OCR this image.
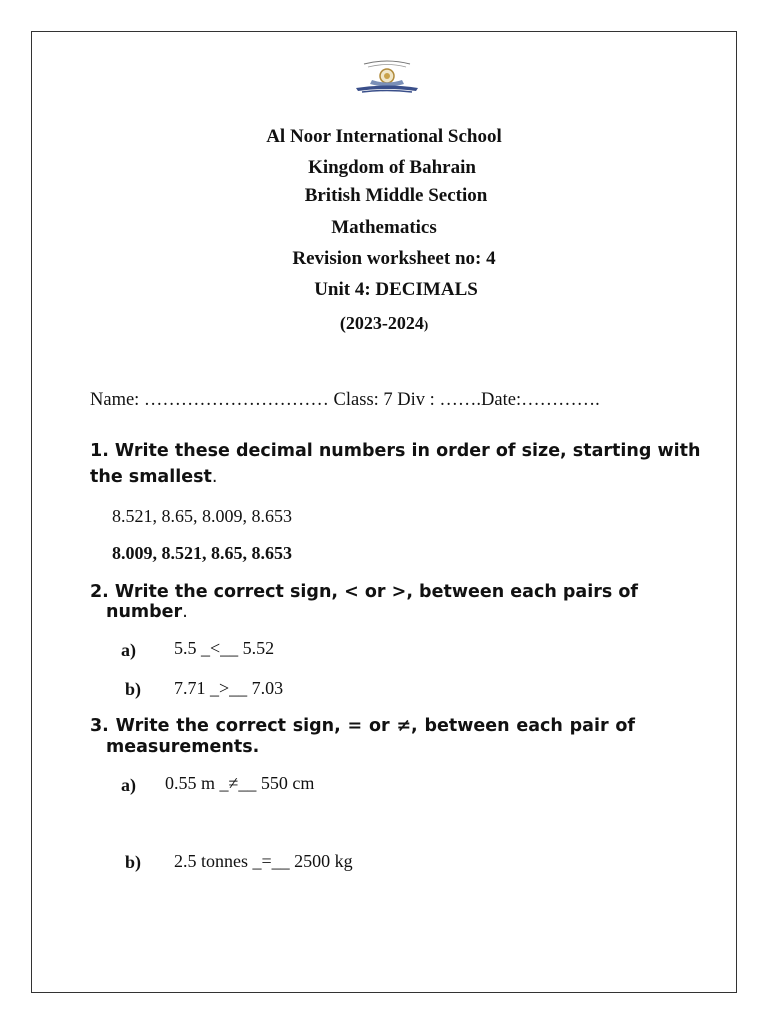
Al Noor International School
Kingdom of Bahrain
British Middle Section
Mathematics
Revision worksheet no: 4
Unit 4: DECIMALS
(2023-2024)
Name: ………………………… Class: 7 Div : …….Date:………….
1. Write these decimal numbers in order of size, starting with
the smallest.
8.521, 8.65, 8.009, 8.653
8.009, 8.521, 8.65, 8.653
2. Write the correct sign, < or >, between each pairs of
number.
a) 5.5 _<__ 5.52
b) 7.71 _>__ 7.03
3. Write the correct sign, = or ≠, between each pair of
measurements.
a) 0.55 m _≠__ 550 cm
b) 2.5 tonnes _=__ 2500 kg
